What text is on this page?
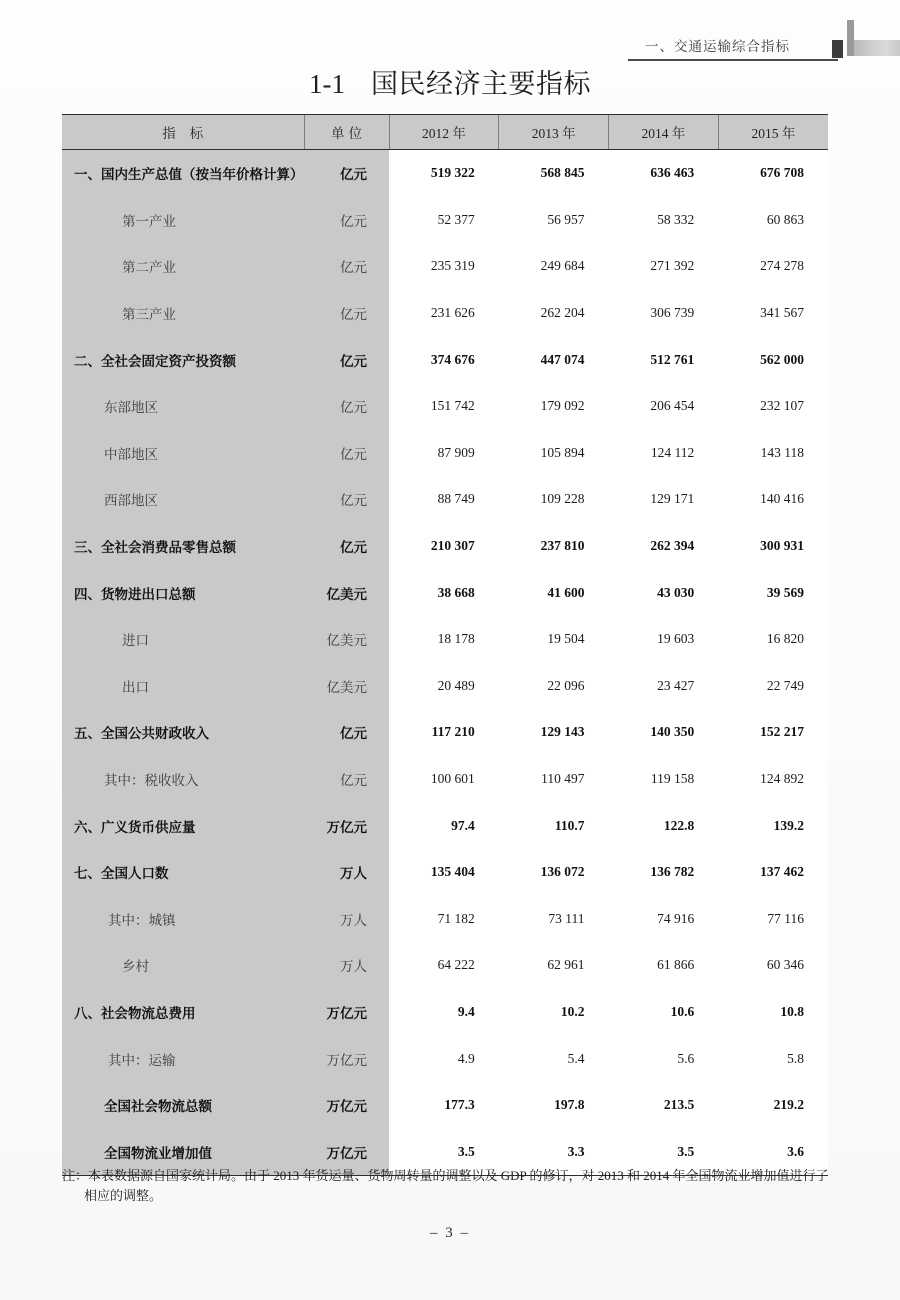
一、交通运输综合指标
1-1 国民经济主要指标
指 标	单 位	2012 年	2013 年	2014 年	2015 年
一、国内生产总值（按当年价格计算）	亿元	519 322	568 845	636 463	676 708
第一产业	亿元	52 377	56 957	58 332	60 863
第二产业	亿元	235 319	249 684	271 392	274 278
第三产业	亿元	231 626	262 204	306 739	341 567
二、全社会固定资产投资额	亿元	374 676	447 074	512 761	562 000
东部地区	亿元	151 742	179 092	206 454	232 107
中部地区	亿元	87 909	105 894	124 112	143 118
西部地区	亿元	88 749	109 228	129 171	140 416
三、全社会消费品零售总额	亿元	210 307	237 810	262 394	300 931
四、货物进出口总额	亿美元	38 668	41 600	43 030	39 569
进口	亿美元	18 178	19 504	19 603	16 820
出口	亿美元	20 489	22 096	23 427	22 749
五、全国公共财政收入	亿元	117 210	129 143	140 350	152 217
其中：税收收入	亿元	100 601	110 497	119 158	124 892
六、广义货币供应量	万亿元	97.4	110.7	122.8	139.2
七、全国人口数	万人	135 404	136 072	136 782	137 462
其中：城镇	万人	71 182	73 111	74 916	77 116
乡村	万人	64 222	62 961	61 866	60 346
八、社会物流总费用	万亿元	9.4	10.2	10.6	10.8
其中：运输	万亿元	4.9	5.4	5.6	5.8
全国社会物流总额	万亿元	177.3	197.8	213.5	219.2
全国物流业增加值	万亿元	3.5	3.3	3.5	3.6
注：本表数据源自国家统计局。由于 2013 年货运量、货物周转量的调整以及 GDP 的修订，对 2013 和 2014 年全国物流业增加值进行了
相应的调整。
– 3 –
